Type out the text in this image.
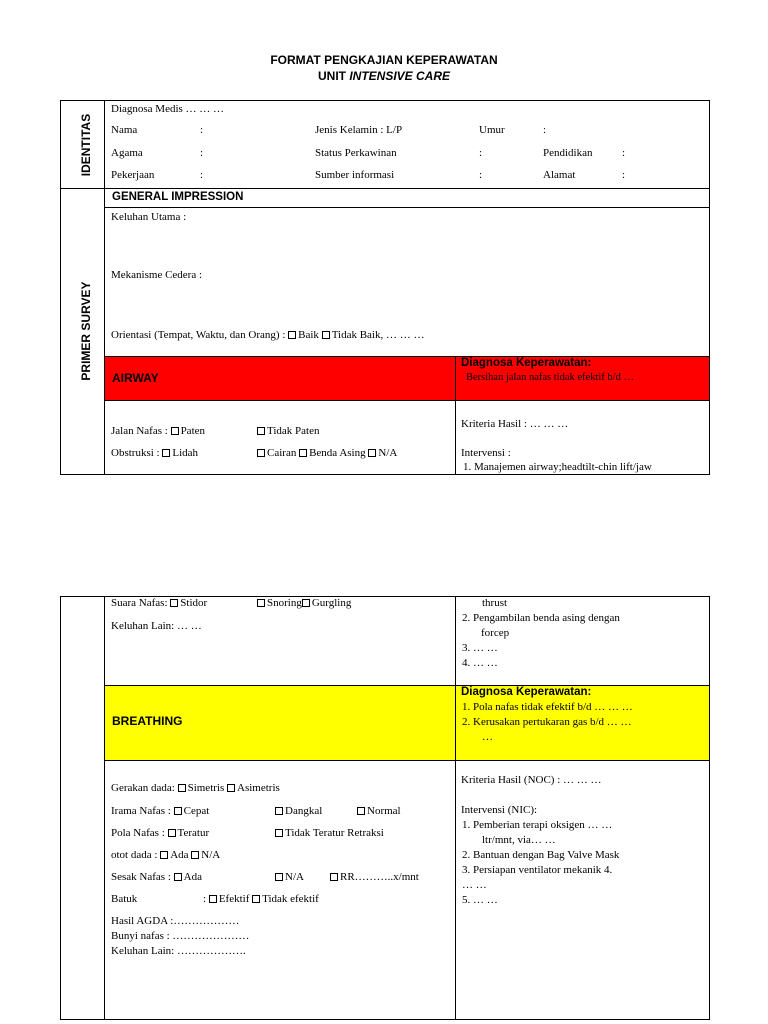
FORMAT PENGKAJIAN KEPERAWATAN
UNIT INTENSIVE CARE
IDENTITAS
PRIMER SURVEY
Diagnosa Medis … … …
Nama	:	Jenis Kelamin : L/P	Umur	:
Agama	:	Status Perkawinan	:	Pendidikan	:
Pekerjaan	:	Sumber informasi	:	Alamat	:
GENERAL IMPRESSION
Keluhan Utama :
Mekanisme Cedera :
Orientasi (Tempat, Waktu, dan Orang) : Baik Tidak Baik, … … …
AIRWAY
Diagnosa Keperawatan:
Bersihan jalan nafas tidak efektif b/d …
Jalan Nafas : Paten	Tidak Paten
Obstruksi : Lidah	Cairan Benda Asing N/A
Kriteria Hasil : … … …
Intervensi :
1. Manajemen airway;headtilt-chin lift/jaw
Suara Nafas: Stidor	Snoring Gurgling
Keluhan Lain: … …
thrust
2. Pengambilan benda asing dengan
forcep
3. … …
4. … …
BREATHING
Diagnosa Keperawatan:
1. Pola nafas tidak efektif b/d … … …
2. Kerusakan pertukaran gas b/d … …
…
Gerakan dada: Simetris Asimetris
Irama Nafas : Cepat	Dangkal	Normal
Pola Nafas : Teratur	Tidak Teratur Retraksi
otot dada : Ada N/A
Sesak Nafas : Ada	N/A	RR………..x/mnt
Batuk	: Efektif Tidak efektif
Hasil AGDA :………………
Bunyi nafas : …………………
Keluhan Lain: ……………….
Kriteria Hasil (NOC) : … … …
Intervensi (NIC):
1. Pemberian terapi oksigen … …
ltr/mnt, via… …
2. Bantuan dengan Bag Valve Mask
3. Persiapan ventilator mekanik 4.
… …
5. … …
